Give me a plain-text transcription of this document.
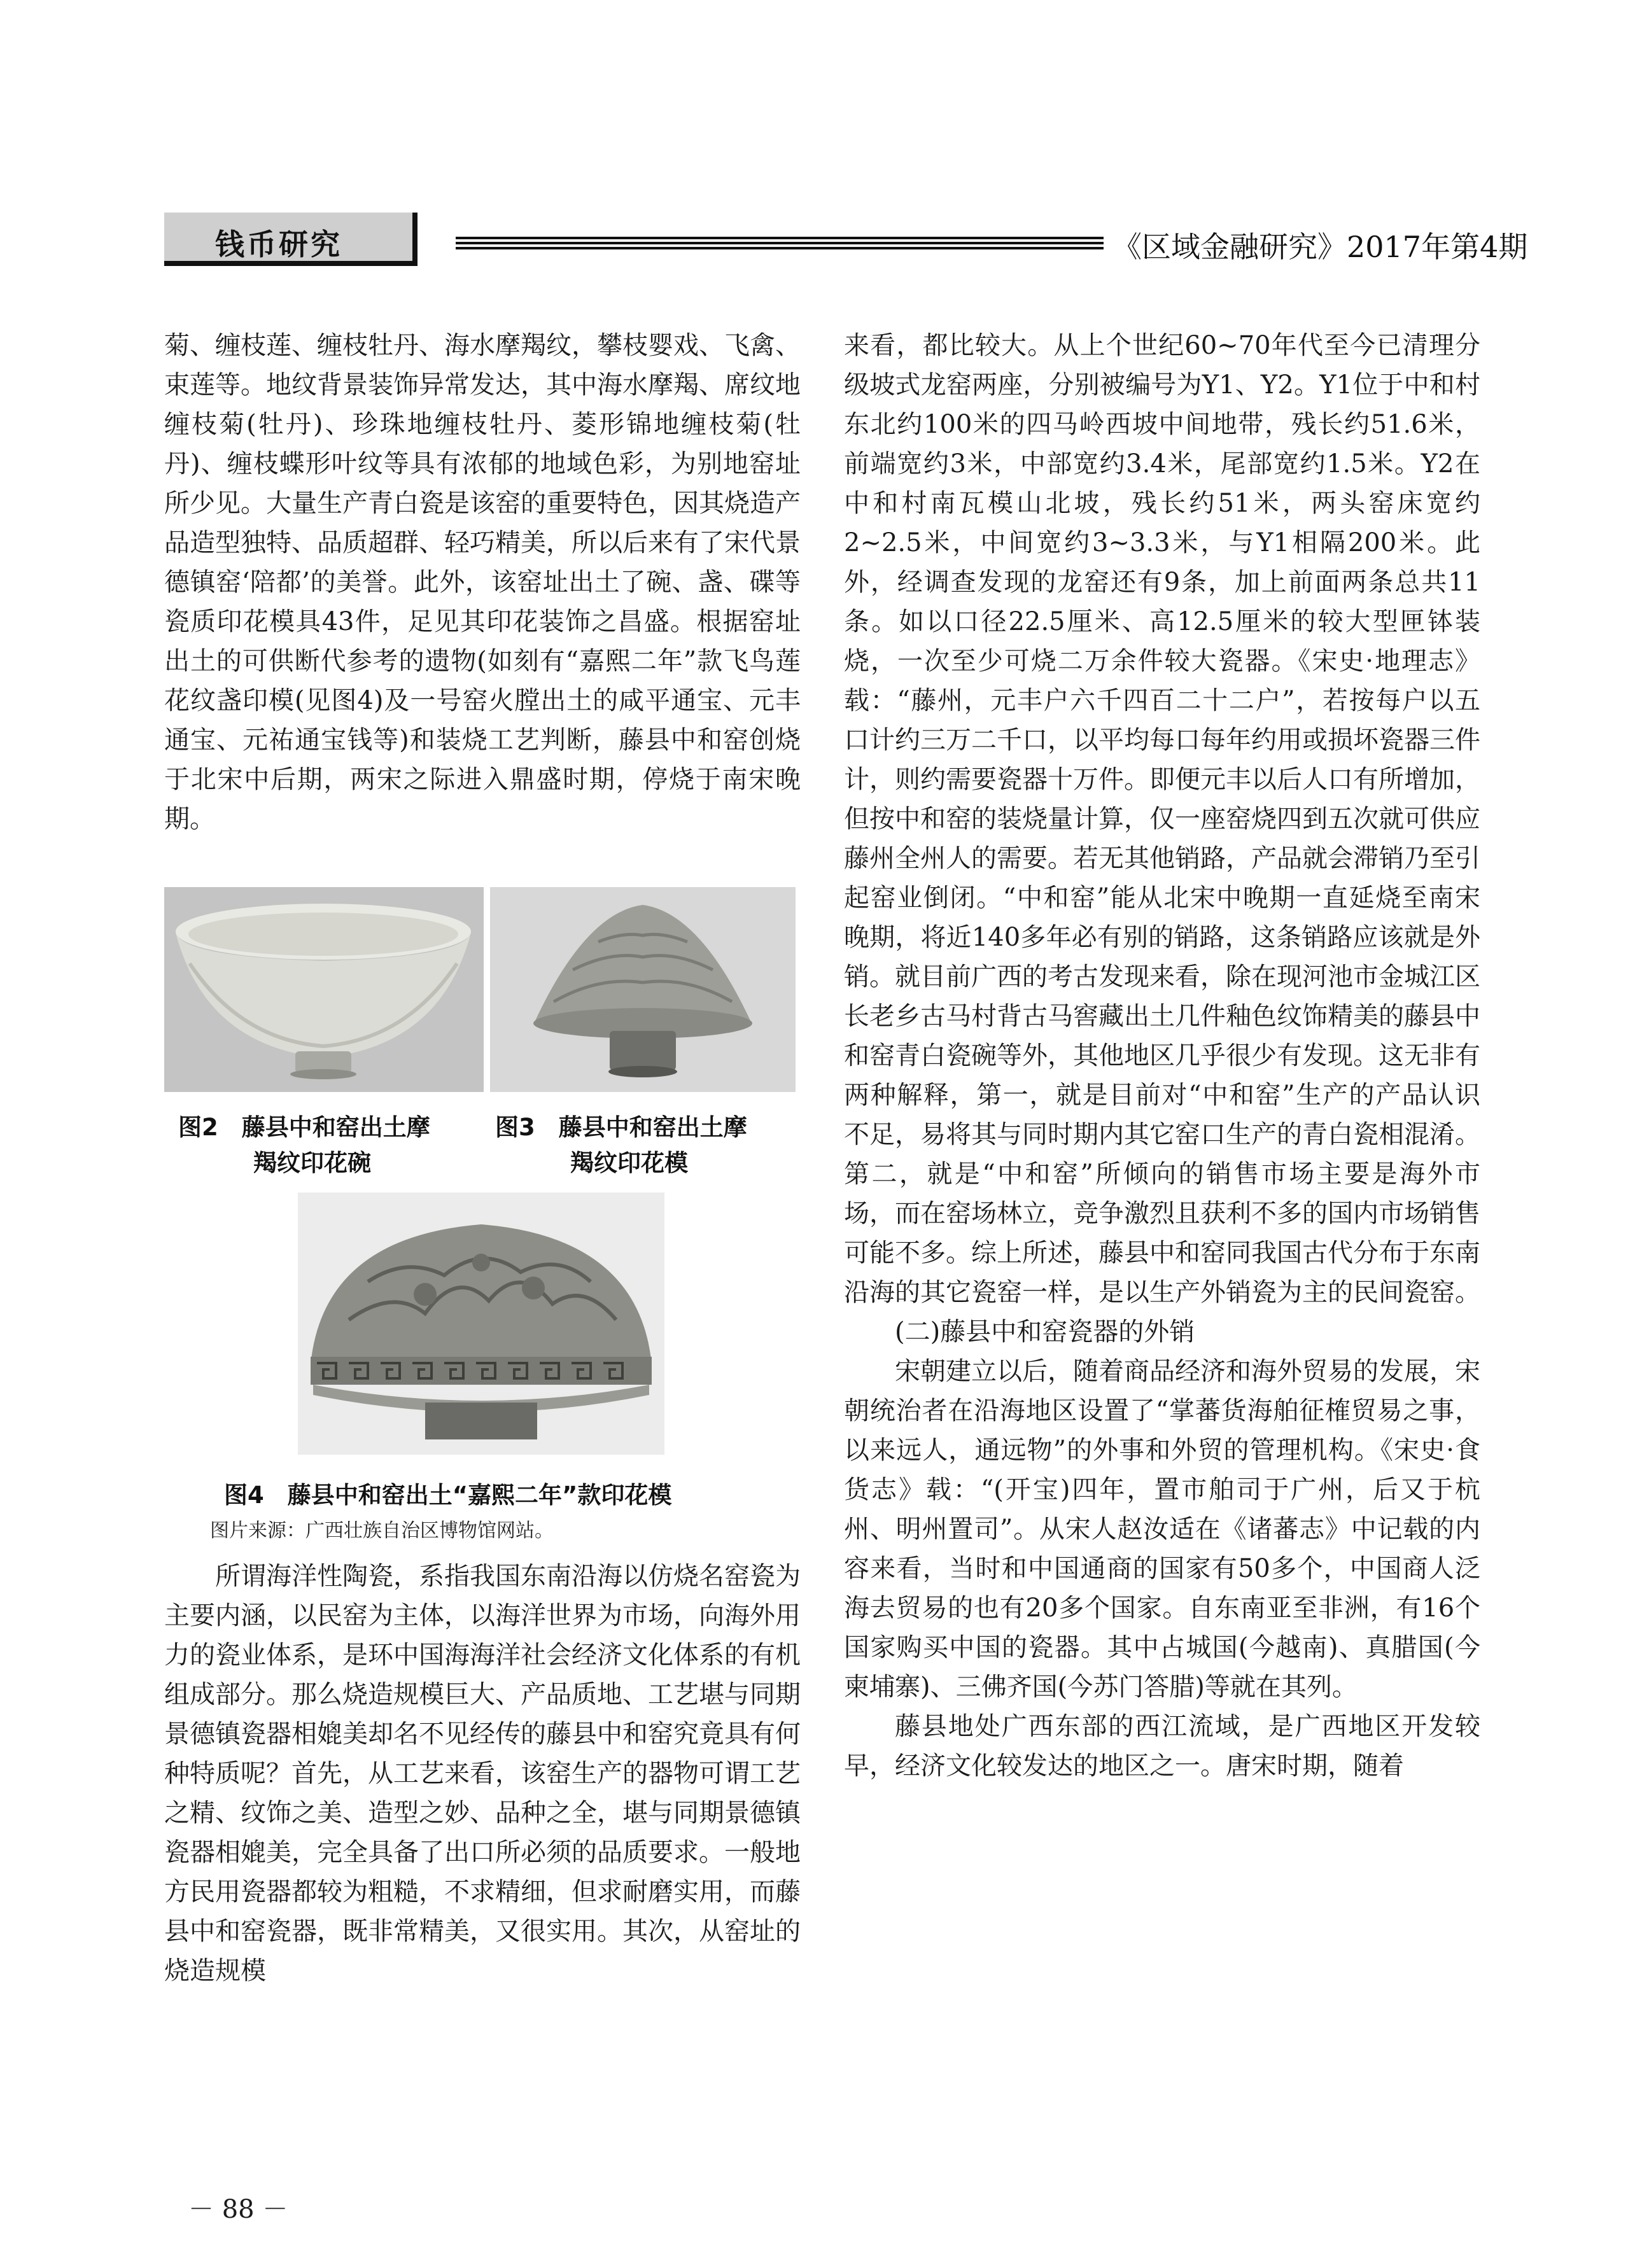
钱币研究	《区域金融研究》2017年第4期

菊、缠枝莲、缠枝牡丹、海水摩羯纹，攀枝婴戏、飞禽、束莲等。地纹背景装饰异常发达，其中海水摩羯、席纹地缠枝菊(牡丹)、珍珠地缠枝牡丹、菱形锦地缠枝菊(牡丹)、缠枝蝶形叶纹等具有浓郁的地域色彩，为别地窑址所少见。大量生产青白瓷是该窑的重要特色，因其烧造产品造型独特、品质超群、轻巧精美，所以后来有了宋代景德镇窑‘陪都’的美誉。此外，该窑址出土了碗、盏、碟等瓷质印花模具43件，足见其印花装饰之昌盛。根据窑址出土的可供断代参考的遗物(如刻有“嘉熙二年”款飞鸟莲花纹盏印模(见图4)及一号窑火膛出土的咸平通宝、元丰通宝、元祐通宝钱等)和装烧工艺判断，藤县中和窑创烧于北宋中后期，两宋之际进入鼎盛时期，停烧于南宋晚期。

图2　藤县中和窑出土摩
羯纹印花碗
图3　藤县中和窑出土摩
羯纹印花模
图4　藤县中和窑出土“嘉熙二年”款印花模
图片来源：广西壮族自治区博物馆网站。

所谓海洋性陶瓷，系指我国东南沿海以仿烧名窑瓷为主要内涵，以民窑为主体，以海洋世界为市场，向海外用力的瓷业体系，是环中国海海洋社会经济文化体系的有机组成部分。那么烧造规模巨大、产品质地、工艺堪与同期景德镇瓷器相媲美却名不见经传的藤县中和窑究竟具有何种特质呢？首先，从工艺来看，该窑生产的器物可谓工艺之精、纹饰之美、造型之妙、品种之全，堪与同期景德镇瓷器相媲美，完全具备了出口所必须的品质要求。一般地方民用瓷器都较为粗糙，不求精细，但求耐磨实用，而藤县中和窑瓷器，既非常精美，又很实用。其次，从窑址的烧造规模

来看，都比较大。从上个世纪60~70年代至今已清理分级坡式龙窑两座，分别被编号为Y1、Y2。Y1位于中和村东北约100米的四马岭西坡中间地带，残长约51.6米，前端宽约3米，中部宽约3.4米，尾部宽约1.5米。Y2在中和村南瓦模山北坡，残长约51米，两头窑床宽约2~2.5米，中间宽约3~3.3米，与Y1相隔200米。此外，经调查发现的龙窑还有9条，加上前面两条总共11条。如以口径22.5厘米、高12.5厘米的较大型匣钵装烧，一次至少可烧二万余件较大瓷器。《宋史·地理志》载：“藤州，元丰户六千四百二十二户”，若按每户以五口计约三万二千口，以平均每口每年约用或损坏瓷器三件计，则约需要瓷器十万件。即便元丰以后人口有所增加，但按中和窑的装烧量计算，仅一座窑烧四到五次就可供应藤州全州人的需要。若无其他销路，产品就会滞销乃至引起窑业倒闭。“中和窑”能从北宋中晚期一直延烧至南宋晚期，将近140多年必有别的销路，这条销路应该就是外销。就目前广西的考古发现来看，除在现河池市金城江区长老乡古马村背古马窖藏出土几件釉色纹饰精美的藤县中和窑青白瓷碗等外，其他地区几乎很少有发现。这无非有两种解释，第一，就是目前对“中和窑”生产的产品认识不足，易将其与同时期内其它窑口生产的青白瓷相混淆。第二，就是“中和窑”所倾向的销售市场主要是海外市场，而在窑场林立，竞争激烈且获利不多的国内市场销售可能不多。综上所述，藤县中和窑同我国古代分布于东南沿海的其它瓷窑一样，是以生产外销瓷为主的民间瓷窑。

(二)藤县中和窑瓷器的外销

宋朝建立以后，随着商品经济和海外贸易的发展，宋朝统治者在沿海地区设置了“掌蕃货海舶征榷贸易之事，以来远人，通远物”的外事和外贸的管理机构。《宋史·食货志》载：“(开宝)四年，置市舶司于广州，后又于杭州、明州置司”。从宋人赵汝适在《诸蕃志》中记载的内容来看，当时和中国通商的国家有50多个，中国商人泛海去贸易的也有20多个国家。自东南亚至非洲，有16个国家购买中国的瓷器。其中占城国(今越南)、真腊国(今柬埔寨)、三佛齐国(今苏门答腊)等就在其列。

藤县地处广西东部的西江流域，是广西地区开发较早，经济文化较发达的地区之一。唐宋时期，随着

－ 88 －
